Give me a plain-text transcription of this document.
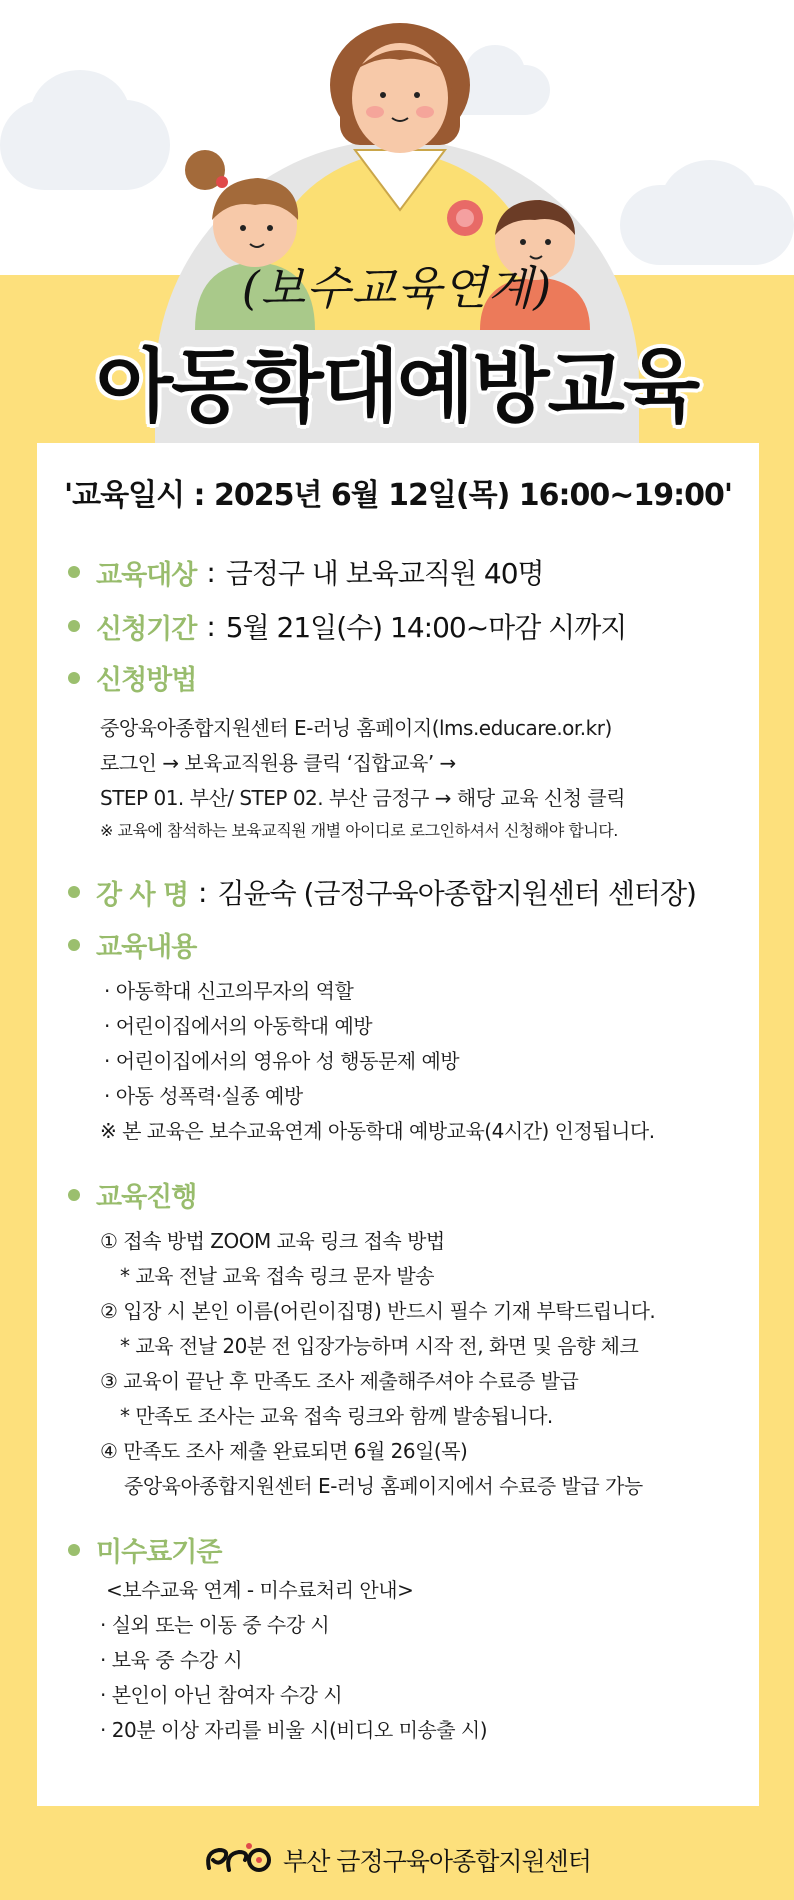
(보수교육연계)
아동학대예방교육
'교육일시 : 2025년 6월 12일(목) 16:00~19:00'
교육대상 : 금정구 내 보육교직원 40명
신청기간 : 5월 21일(수) 14:00~마감 시까지
신청방법
중앙육아종합지원센터 E-러닝 홈페이지(lms.educare.or.kr)
로그인 → 보육교직원용 클릭 ‘집합교육’ →
STEP 01. 부산/ STEP 02. 부산 금정구 → 해당 교육 신청 클릭
※ 교육에 참석하는 보육교직원 개별 아이디로 로그인하셔서 신청해야 합니다.
강 사 명 : 김윤숙 (금정구육아종합지원센터 센터장)
교육내용
· 아동학대 신고의무자의 역할
· 어린이집에서의 아동학대 예방
· 어린이집에서의 영유아 성 행동문제 예방
· 아동 성폭력·실종 예방
※ 본 교육은 보수교육연계 아동학대 예방교육(4시간) 인정됩니다.
교육진행
① 접속 방법 ZOOM 교육 링크 접속 방법
* 교육 전날 교육 접속 링크 문자 발송
② 입장 시 본인 이름(어린이집명) 반드시 필수 기재 부탁드립니다.
* 교육 전날 20분 전 입장가능하며 시작 전, 화면 및 음향 체크
③ 교육이 끝난 후 만족도 조사 제출해주셔야 수료증 발급
* 만족도 조사는 교육 접속 링크와 함께 발송됩니다.
④ 만족도 조사 제출 완료되면 6월 26일(목)
중앙육아종합지원센터 E-러닝 홈페이지에서 수료증 발급 가능
미수료기준
<보수교육 연계 - 미수료처리 안내>
· 실외 또는 이동 중 수강 시
· 보육 중 수강 시
· 본인이 아닌 참여자 수강 시
· 20분 이상 자리를 비울 시(비디오 미송출 시)
부산 금정구육아종합지원센터
